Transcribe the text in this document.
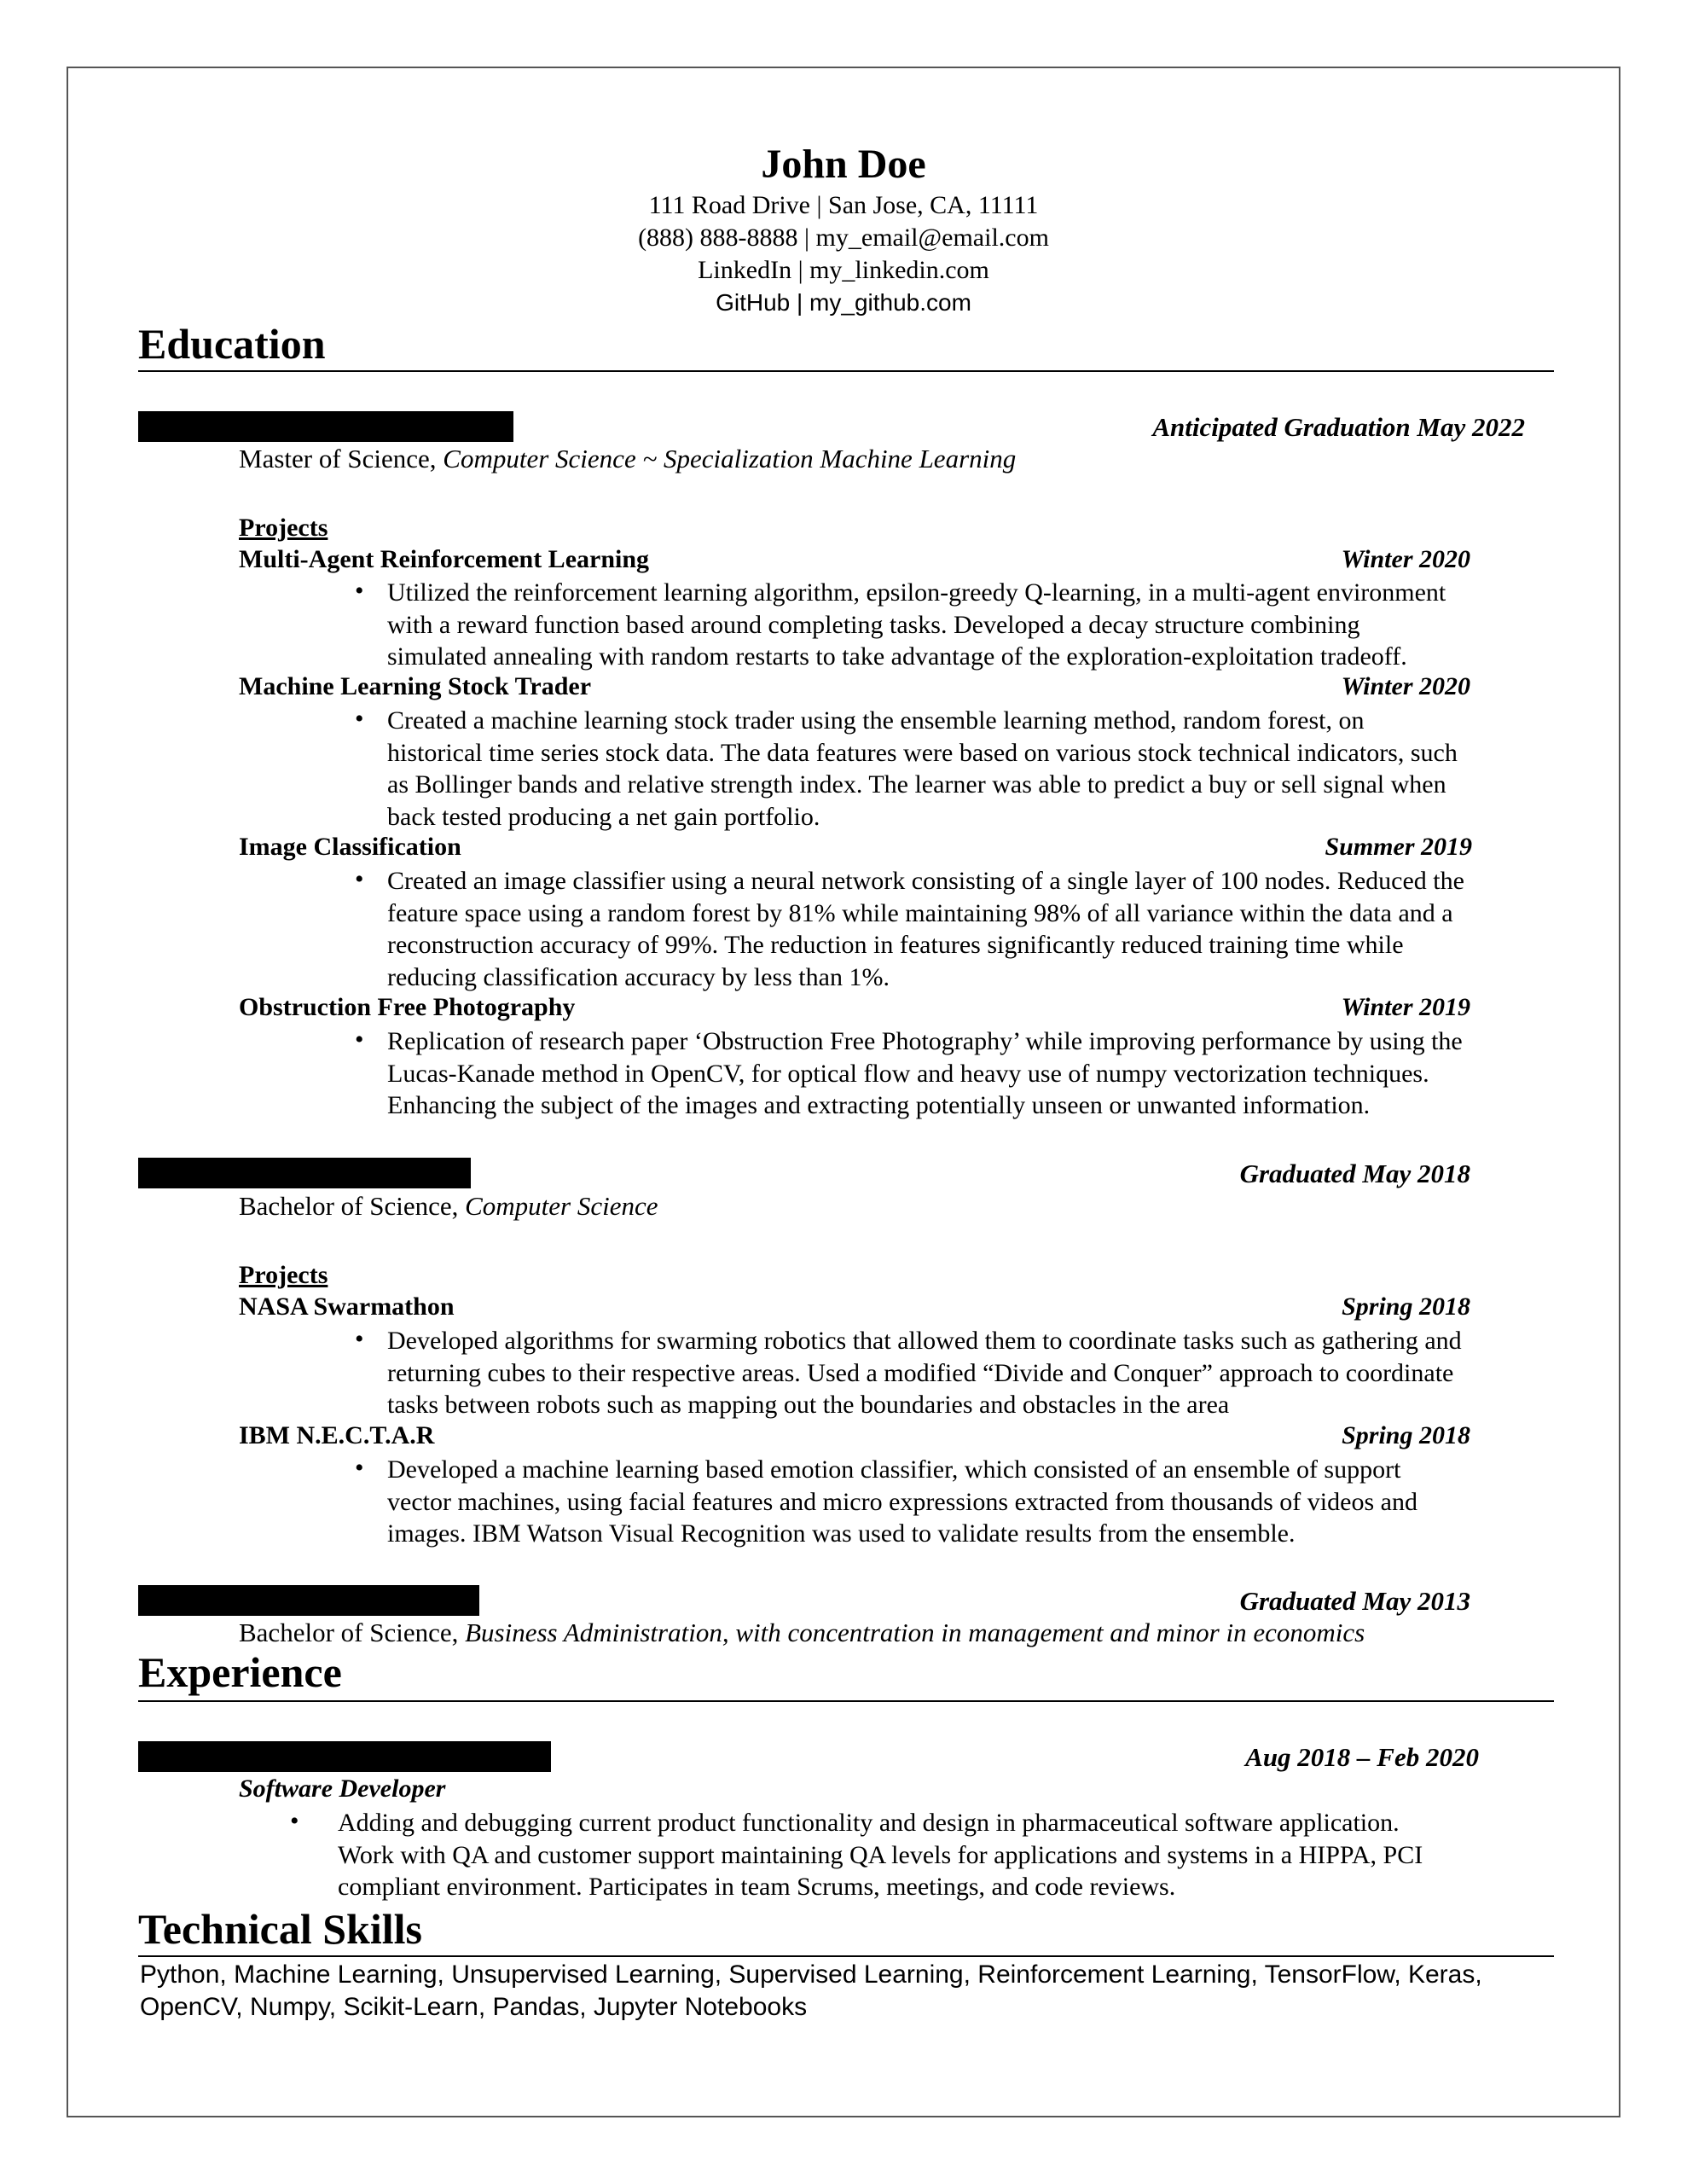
John Doe
111 Road Drive | San Jose, CA, 11111
(888) 888-8888 | my_email@email.com
LinkedIn | my_linkedin.com
GitHub | my_github.com
Education
Anticipated Graduation May 2022
Master of Science, Computer Science ~ Specialization Machine Learning
Projects
Multi-Agent Reinforcement Learning	Winter 2020
• Utilized the reinforcement learning algorithm, epsilon-greedy Q-learning, in a multi-agent environment
with a reward function based around completing tasks. Developed a decay structure combining
simulated annealing with random restarts to take advantage of the exploration-exploitation tradeoff.
Machine Learning Stock Trader	Winter 2020
• Created a machine learning stock trader using the ensemble learning method, random forest, on
historical time series stock data. The data features were based on various stock technical indicators, such
as Bollinger bands and relative strength index. The learner was able to predict a buy or sell signal when
back tested producing a net gain portfolio.
Image Classification	Summer 2019
• Created an image classifier using a neural network consisting of a single layer of 100 nodes. Reduced the
feature space using a random forest by 81% while maintaining 98% of all variance within the data and a
reconstruction accuracy of 99%. The reduction in features significantly reduced training time while
reducing classification accuracy by less than 1%.
Obstruction Free Photography	Winter 2019
• Replication of research paper ‘Obstruction Free Photography’ while improving performance by using the
Lucas-Kanade method in OpenCV, for optical flow and heavy use of numpy vectorization techniques.
Enhancing the subject of the images and extracting potentially unseen or unwanted information.
Graduated May 2018
Bachelor of Science, Computer Science
Projects
NASA Swarmathon	Spring 2018
• Developed algorithms for swarming robotics that allowed them to coordinate tasks such as gathering and
returning cubes to their respective areas. Used a modified “Divide and Conquer” approach to coordinate
tasks between robots such as mapping out the boundaries and obstacles in the area
IBM N.E.C.T.A.R	Spring 2018
• Developed a machine learning based emotion classifier, which consisted of an ensemble of support
vector machines, using facial features and micro expressions extracted from thousands of videos and
images. IBM Watson Visual Recognition was used to validate results from the ensemble.
Graduated May 2013
Bachelor of Science, Business Administration, with concentration in management and minor in economics
Experience
Aug 2018 – Feb 2020
Software Developer
• Adding and debugging current product functionality and design in pharmaceutical software application.
Work with QA and customer support maintaining QA levels for applications and systems in a HIPPA, PCI
compliant environment. Participates in team Scrums, meetings, and code reviews.
Technical Skills
Python, Machine Learning, Unsupervised Learning, Supervised Learning, Reinforcement Learning, TensorFlow, Keras,
OpenCV, Numpy, Scikit-Learn, Pandas, Jupyter Notebooks
